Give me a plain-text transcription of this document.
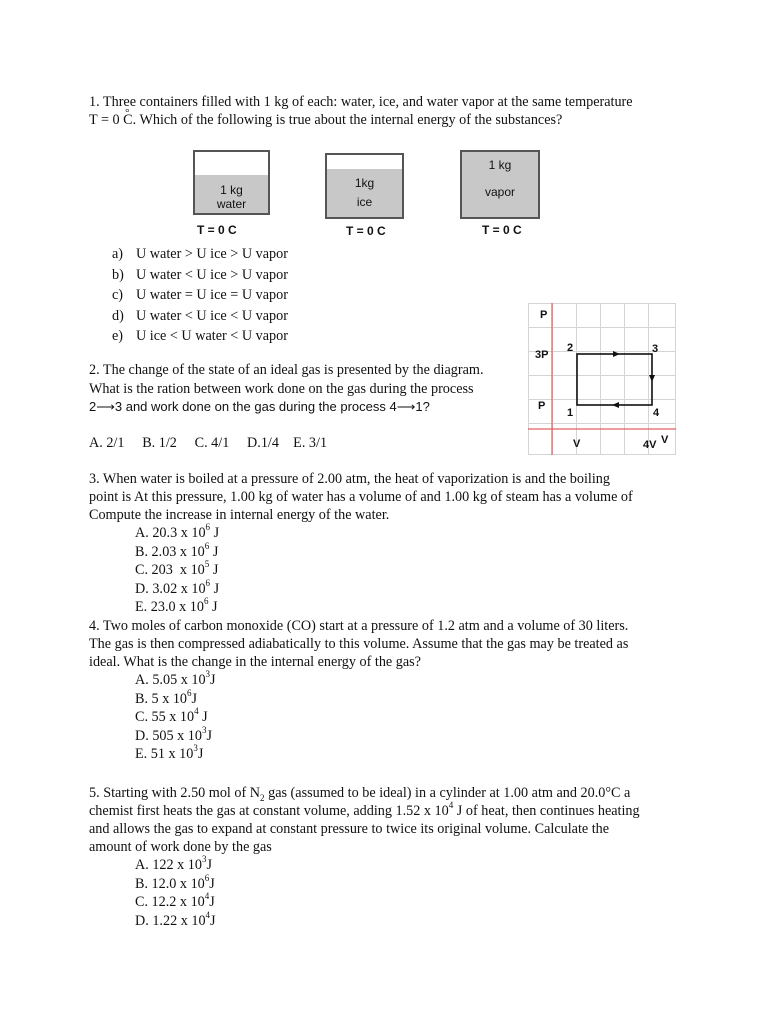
1. Three containers filled with 1 kg of each: water, ice, and water vapor at the same temperature
T = 0 ° C. Which of the following is true about the internal energy of the substances?
1 kg
water
T = 0 C
1kg
ice
T = 0 C
1 kg
vapor
T = 0 C
a) U water > U ice > U vapor
b) U water < U ice > U vapor
c) U water = U ice = U vapor
d) U water < U ice < U vapor
e) U ice < U water < U vapor
P
3P
P
2	3
1	4
V	4V V
2. The change of the state of an ideal gas is presented by the diagram.
What is the ration between work done on the gas during the process
2⟶3 and work done on the gas during the process 4⟶1?
A. 2/1     B. 1/2     C. 4/1     D.1/4    E. 3/1
3. When water is boiled at a pressure of 2.00 atm, the heat of vaporization is and the boiling
point is At this pressure, 1.00 kg of water has a volume of and 1.00 kg of steam has a volume of
Compute the increase in internal energy of the water.
A. 20.3 x $10^6$ J
B. 2.03 x $10^6$ J
C. 203  x $10^5$ J
D. 3.02 x $10^6$ J
E. 23.0 x $10^6$ J
4. Two moles of carbon monoxide (CO) start at a pressure of 1.2 atm and a volume of 30 liters.
The gas is then compressed adiabatically to this volume. Assume that the gas may be treated as
ideal. What is the change in the internal energy of the gas?
A. 5.05 x $10^3J$
B. 5 x $10^6J$
C. 55 x $10^4$ J
D. 505 x $10^3J$
E. 51 x $10^3J$
5. Starting with 2.50 mol of $N_2$ gas (assumed to be ideal) in a cylinder at 1.00 atm and 20.0°C a
chemist first heats the gas at constant volume, adding 1.52 x $10^4$ J of heat, then continues heating
and allows the gas to expand at constant pressure to twice its original volume. Calculate the
amount of work done by the gas
A. 122 x $10^3J$
B. 12.0 x $10^6J$
C. 12.2 x $10^4J$
D. 1.22 x $10^4J$
